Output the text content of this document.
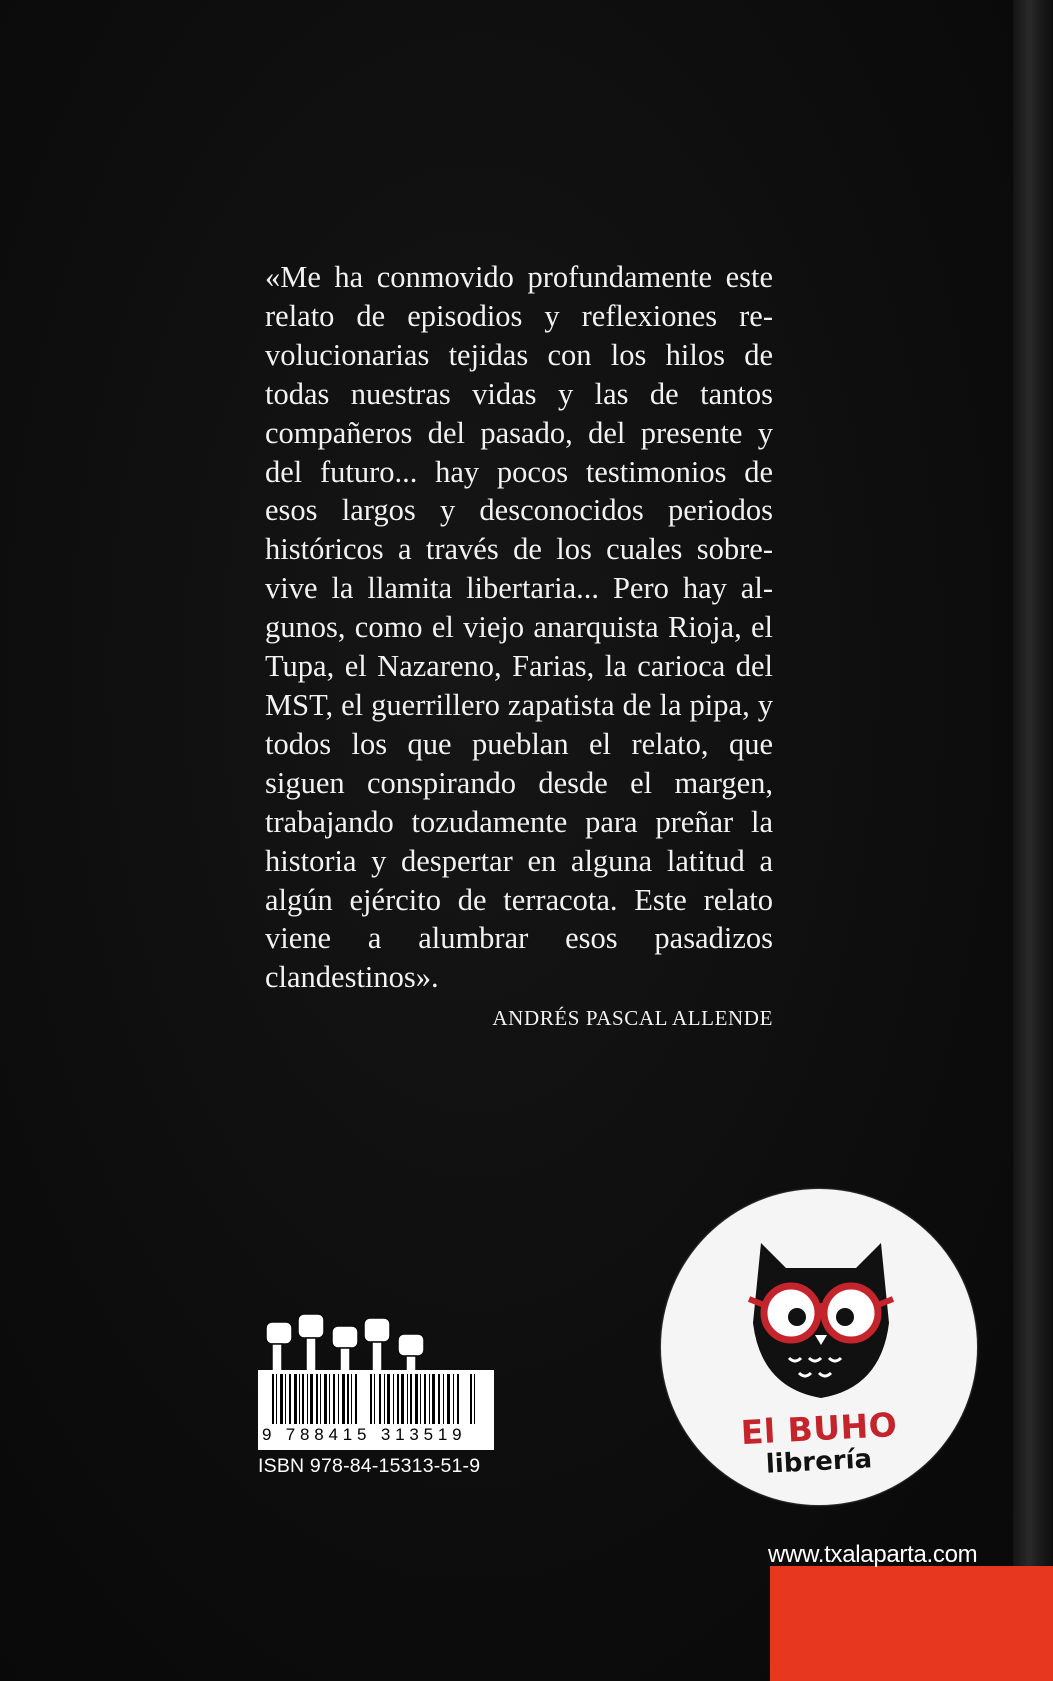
«Me ha conmovido profundamente este relato de episodios y reflexiones revolucionarias tejidas con los hilos de todas nuestras vidas y las de tantos compañeros del pasado, del presente y del futuro... hay pocos testimonios de esos largos y desconocidos periodos históricos a través de los cuales sobrevive la llamita libertaria... Pero hay algunos, como el viejo anarquista Rioja, el Tupa, el Nazareno, Farias, la carioca del MST, el guerrillero zapatista de la pipa, y todos los que pueblan el relato, que siguen conspirando desde el margen, trabajando tozudamente para preñar la historia y despertar en alguna latitud a algún ejército de terracota. Este relato viene a alumbrar esos pasadizos clandestinos».

ANDRÉS PASCAL ALLENDE

9 788415 313519

ISBN 978-84-15313-51-9

El BUHO

librería

www.txalaparta.com
